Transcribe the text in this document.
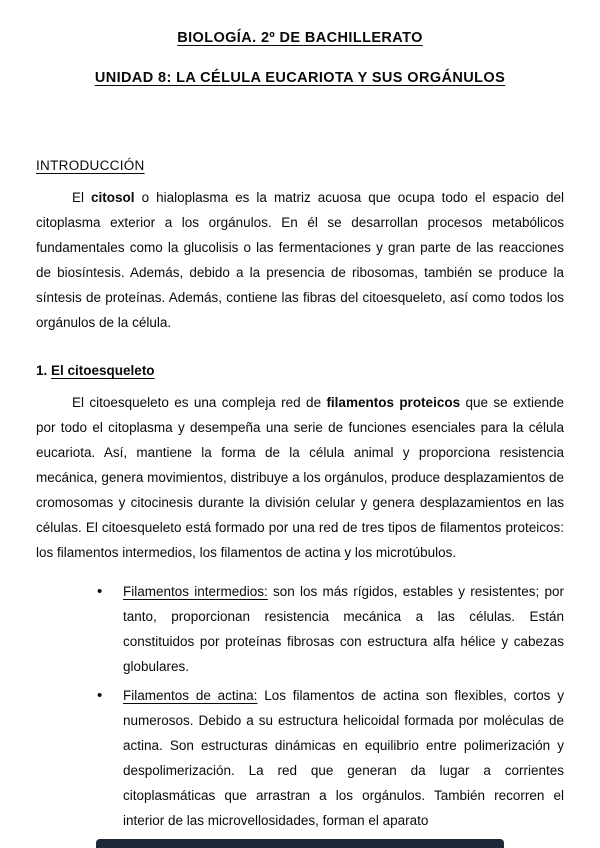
BIOLOGÍA. 2º DE BACHILLERATO
UNIDAD 8: LA CÉLULA EUCARIOTA Y SUS ORGÁNULOS
INTRODUCCIÓN

El citosol o hialoplasma es la matriz acuosa que ocupa todo el espacio del citoplasma exterior a los orgánulos. En él se desarrollan procesos metabólicos fundamentales como la glucolisis o las fermentaciones y gran parte de las reacciones de biosíntesis. Además, debido a la presencia de ribosomas, también se produce la síntesis de proteínas. Además, contiene las fibras del citoesqueleto, así como todos los orgánulos de la célula.

1. El citoesqueleto

El citoesqueleto es una compleja red de filamentos proteicos que se extiende por todo el citoplasma y desempeña una serie de funciones esenciales para la célula eucariota. Así, mantiene la forma de la célula animal y proporciona resistencia mecánica, genera movimientos, distribuye a los orgánulos, produce desplazamientos de cromosomas y citocinesis durante la división celular y genera desplazamientos en las células. El citoesqueleto está formado por una red de tres tipos de filamentos proteicos: los filamentos intermedios, los filamentos de actina y los microtúbulos.

• Filamentos intermedios: son los más rígidos, estables y resistentes; por tanto, proporcionan resistencia mecánica a las células. Están constituidos por proteínas fibrosas con estructura alfa hélice y cabezas globulares.
• Filamentos de actina: Los filamentos de actina son flexibles, cortos y numerosos. Debido a su estructura helicoidal formada por moléculas de actina. Son estructuras dinámicas en equilibrio entre polimerización y despolimerización. La red que generan da lugar a corrientes citoplasmáticas que arrastran a los orgánulos. También recorren el interior de las microvellosidades, forman el aparato
